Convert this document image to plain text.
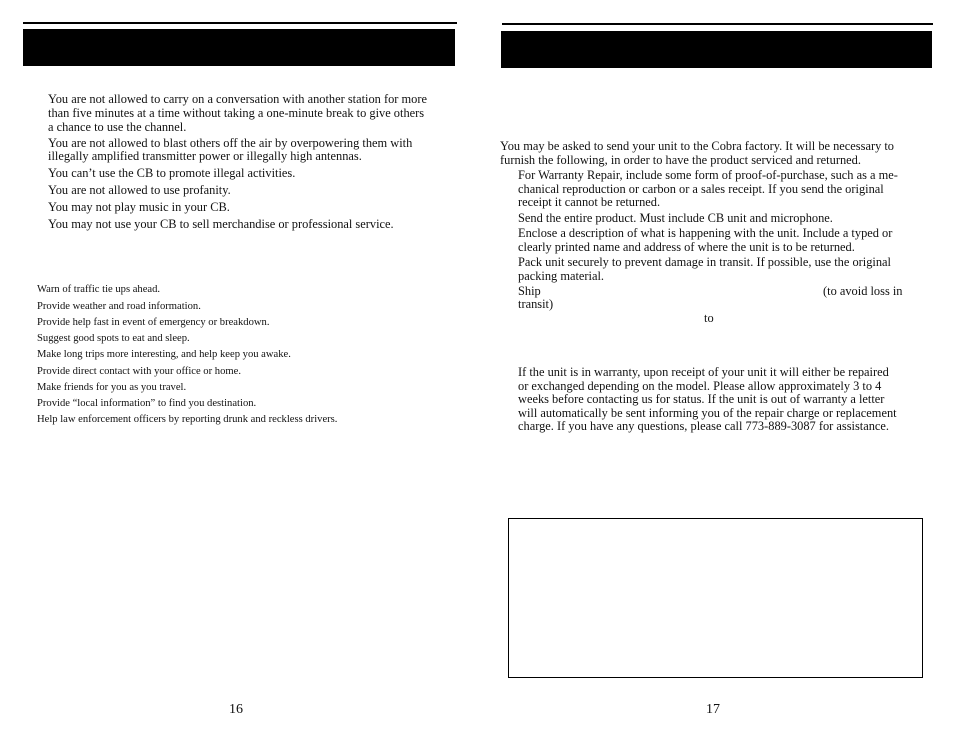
You are not allowed to carry on a conversation with another station for more
than five minutes at a time without taking a one-minute break to give others
a chance to use the channel.
You are not allowed to blast others off the air by overpowering them with
illegally amplified transmitter power or illegally high antennas.
You can’t use the CB to promote illegal activities.
You are not allowed to use profanity.
You may not play music in your CB.
You may not use your CB to sell merchandise or professional service.
Warn of traffic tie ups ahead.
Provide weather and road information.
Provide help fast in event of emergency or breakdown.
Suggest good spots to eat and sleep.
Make long trips more interesting, and help keep you awake.
Provide direct contact with your office or home.
Make friends for you as you travel.
Provide “local information” to find you destination.
Help law enforcement officers by reporting drunk and reckless drivers.
16
You may be asked to send your unit to the Cobra factory. It will be necessary to
furnish the following, in order to have the product serviced and returned.
For Warranty Repair, include some form of proof-of-purchase, such as a me-
chanical reproduction or carbon or a sales receipt. If you send the original
receipt it cannot be returned.
Send the entire product. Must include CB unit and microphone.
Enclose a description of what is happening with the unit. Include a typed or
clearly printed name and address of where the unit is to be returned.
Pack unit securely to prevent damage in transit. If possible, use the original
packing material.
Ship	(to avoid loss in
transit)
to
If the unit is in warranty, upon receipt of your unit it will either be repaired
or exchanged depending on the model. Please allow approximately 3 to 4
weeks before contacting us for status. If the unit is out of warranty a letter
will automatically be sent informing you of the repair charge or replacement
charge. If you have any questions, please call 773-889-3087 for assistance.
17
